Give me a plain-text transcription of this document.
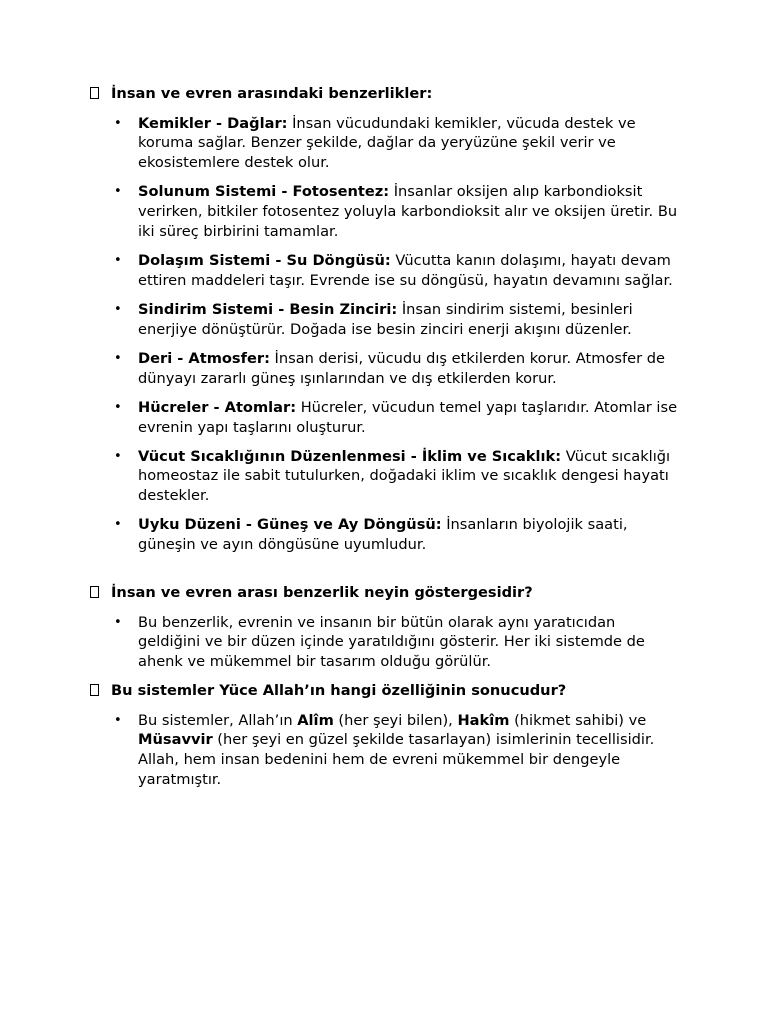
İnsan ve evren arasındaki benzerlikler:
• Kemikler - Dağlar: İnsan vücudundaki kemikler, vücuda destek ve koruma sağlar. Benzer şekilde, dağlar da yeryüzüne şekil verir ve ekosistemlere destek olur.
• Solunum Sistemi - Fotosentez: İnsanlar oksijen alıp karbondioksit verirken, bitkiler fotosentez yoluyla karbondioksit alır ve oksijen üretir. Bu iki süreç birbirini tamamlar.
• Dolaşım Sistemi - Su Döngüsü: Vücutta kanın dolaşımı, hayatı devam ettiren maddeleri taşır. Evrende ise su döngüsü, hayatın devamını sağlar.
• Sindirim Sistemi - Besin Zinciri: İnsan sindirim sistemi, besinleri enerjiye dönüştürür. Doğada ise besin zinciri enerji akışını düzenler.
• Deri - Atmosfer: İnsan derisi, vücudu dış etkilerden korur. Atmosfer de dünyayı zararlı güneş ışınlarından ve dış etkilerden korur.
• Hücreler - Atomlar: Hücreler, vücudun temel yapı taşlarıdır. Atomlar ise evrenin yapı taşlarını oluşturur.
• Vücut Sıcaklığının Düzenlenmesi - İklim ve Sıcaklık: Vücut sıcaklığı homeostaz ile sabit tutulurken, doğadaki iklim ve sıcaklık dengesi hayatı destekler.
• Uyku Düzeni - Güneş ve Ay Döngüsü: İnsanların biyolojik saati, güneşin ve ayın döngüsüne uyumludur.
İnsan ve evren arası benzerlik neyin göstergesidir?
• Bu benzerlik, evrenin ve insanın bir bütün olarak aynı yaratıcıdan geldiğini ve bir düzen içinde yaratıldığını gösterir. Her iki sistemde de ahenk ve mükemmel bir tasarım olduğu görülür.
Bu sistemler Yüce Allah’ın hangi özelliğinin sonucudur?
• Bu sistemler, Allah’ın Alîm (her şeyi bilen), Hakîm (hikmet sahibi) ve Müsavvir (her şeyi en güzel şekilde tasarlayan) isimlerinin tecellisidir. Allah, hem insan bedenini hem de evreni mükemmel bir dengeyle yaratmıştır.
